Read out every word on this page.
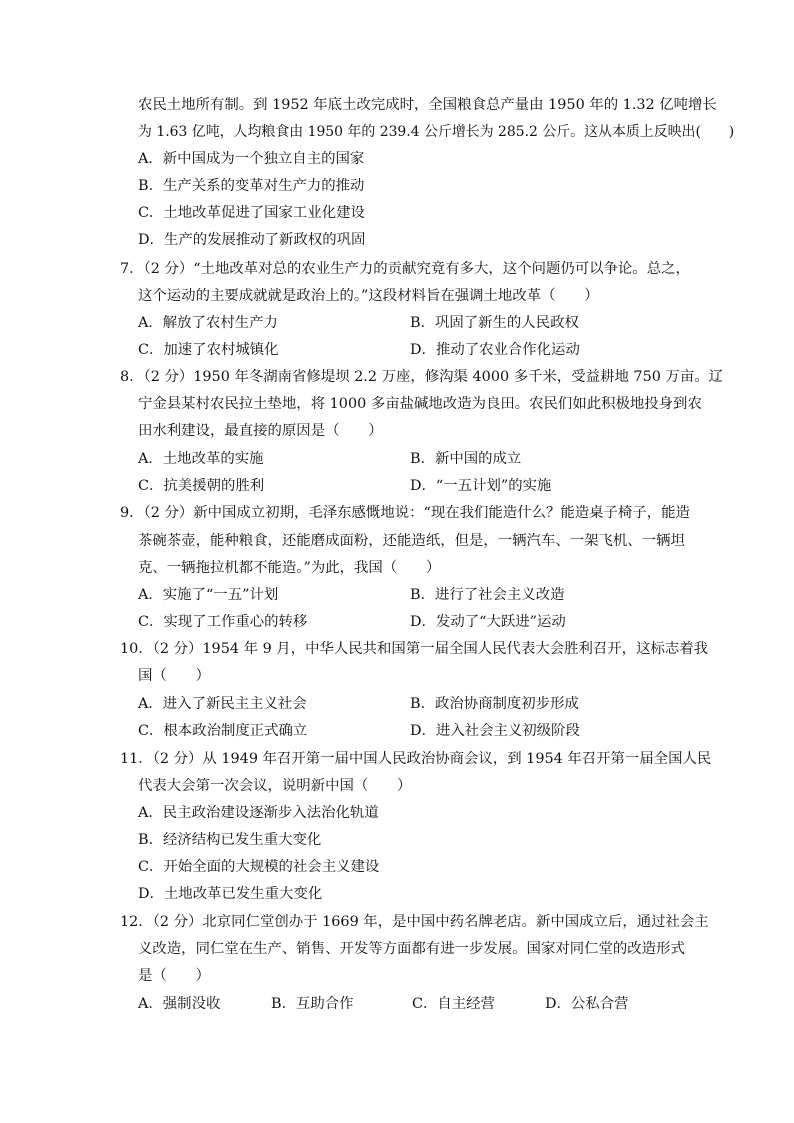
农民土地所有制。到 1952 年底土改完成时，全国粮食总产量由 1950 年的 1.32 亿吨增长
为 1.63 亿吨，人均粮食由 1950 年的 239.4 公斤增长为 285.2 公斤。这从本质上反映出(　　)
A．新中国成为一个独立自主的国家
B．生产关系的变革对生产力的推动
C．土地改革促进了国家工业化建设
D．生产的发展推动了新政权的巩固
7．（2 分）“土地改革对总的农业生产力的贡献究竟有多大，这个问题仍可以争论。总之，
这个运动的主要成就就是政治上的。”这段材料旨在强调土地改革（　　）
A．解放了农村生产力	B．巩固了新生的人民政权
C．加速了农村城镇化	D．推动了农业合作化运动
8．（2 分）1950 年冬湖南省修堤坝 2.2 万座，修沟渠 4000 多千米，受益耕地 750 万亩。辽
宁金县某村农民拉土垫地，将 1000 多亩盐碱地改造为良田。农民们如此积极地投身到农
田水利建设，最直接的原因是（　　）
A．土地改革的实施	B．新中国的成立
C．抗美援朝的胜利	D．“一五计划”的实施
9．（2 分）新中国成立初期，毛泽东感慨地说：“现在我们能造什么？能造桌子椅子，能造
茶碗茶壶，能种粮食，还能磨成面粉，还能造纸，但是，一辆汽车、一架飞机、一辆坦
克、一辆拖拉机都不能造。”为此，我国（　　）
A．实施了“一五”计划	B．进行了社会主义改造
C．实现了工作重心的转移	D．发动了“大跃进”运动
10．（2 分）1954 年 9 月，中华人民共和国第一届全国人民代表大会胜利召开，这标志着我
国（　　）
A．进入了新民主主义社会	B．政治协商制度初步形成
C．根本政治制度正式确立	D．进入社会主义初级阶段
11．（2 分）从 1949 年召开第一届中国人民政治协商会议，到 1954 年召开第一届全国人民
代表大会第一次会议，说明新中国（　　）
A．民主政治建设逐渐步入法治化轨道
B．经济结构已发生重大变化
C．开始全面的大规模的社会主义建设
D．土地改革已发生重大变化
12．（2 分）北京同仁堂创办于 1669 年，是中国中药名牌老店。新中国成立后，通过社会主
义改造，同仁堂在生产、销售、开发等方面都有进一步发展。国家对同仁堂的改造形式
是（　　）
A．强制没收	B．互助合作	C．自主经营	D．公私合营
